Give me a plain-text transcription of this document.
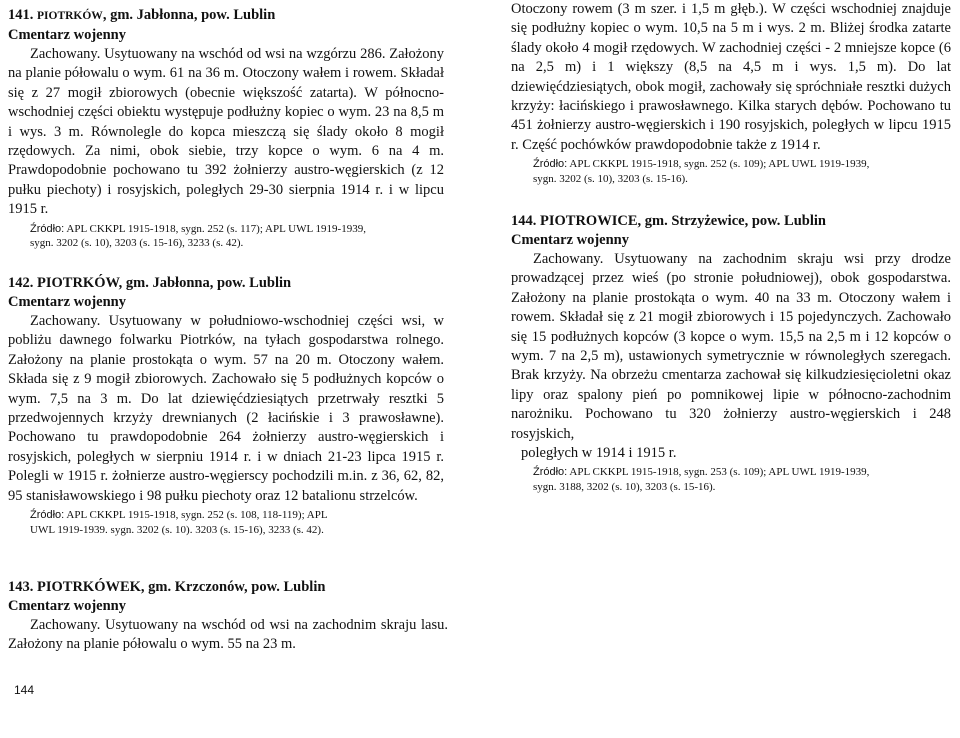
141. PIOTRKÓW, gm. Jabłonna, pow. Lublin
Cmentarz wojenny

Zachowany. Usytuowany na wschód od wsi na wzgórzu 286. Założony na planie półowalu o wym. 61 na 36 m. Otoczony wałem i rowem. Składał się z 27 mogił zbiorowych (obecnie większość zatarta). W północno-wschodniej części obiektu występuje podłużny kopiec o wym. 23 na 8,5 m i wys. 3 m. Równolegle do kopca mieszczą się ślady około 8 mogił rzędowych. Za nimi, obok siebie, trzy kopce o wym. 6 na 4 m. Prawdopodobnie pochowano tu 392 żołnierzy austro-węgierskich (z 12 pułku piechoty) i rosyjskich, poległych 29-30 sierpnia 1914 r. i w lipcu 1915 r.

Źródło: APL CKKPL 1915-1918, sygn. 252 (s. 117); APL UWL 1919-1939,
sygn. 3202 (s. 10), 3203 (s. 15-16), 3233 (s. 42).
142. PIOTRKÓW, gm. Jabłonna, pow. Lublin
Cmentarz wojenny

Zachowany. Usytuowany w południowo-wschodniej części wsi, w pobliżu dawnego folwarku Piotrków, na tyłach gospodarstwa rolnego. Założony na planie prostokąta o wym. 57 na 20 m. Otoczony wałem. Składa się z 9 mogił zbiorowych. Zachowało się 5 podłużnych kopców o wym. 7,5 na 3 m. Do lat dziewięćdziesiątych przetrwały resztki 5 przedwojennych krzyży drewnianych (2 łacińskie i 3 prawosławne). Pochowano tu prawdopodobnie 264 żołnierzy austro-węgierskich i rosyjskich, poległych w sierpniu 1914 r. i w dniach 21-23 lipca 1915 r. Polegli w 1915 r. żołnierze austro-węgierscy pochodzili m.in. z 36, 62, 82, 95 stanisławowskiego i 98 pułku piechoty oraz 12 batalionu strzelców.

Źródło: APL CKKPL 1915-1918, sygn. 252 (s. 108, 118-119); APL
UWL 1919-1939. sygn. 3202 (s. 10). 3203 (s. 15-16), 3233 (s. 42).
143. PIOTRKÓWEK, gm. Krzczonów, pow. Lublin
Cmentarz wojenny

Zachowany. Usytuowany na wschód od wsi na zachodnim skraju lasu. Założony na planie półowalu o wym. 55 na 23 m.

Otoczony rowem (3 m szer. i 1,5 m głęb.). W części wschodniej znajduje się podłużny kopiec o wym. 10,5 na 5 m i wys. 2 m. Bliżej środka zatarte ślady około 4 mogił rzędowych. W zachodniej części - 2 mniejsze kopce (6 na 2,5 m) i 1 większy (8,5 na 4,5 m i wys. 1,5 m). Do lat dziewięćdziesiątych, obok mogił, zachowały się spróchniałe resztki dużych krzyży: łacińskiego i prawosławnego. Kilka starych dębów. Pochowano tu 451 żołnierzy austro-węgierskich i 190 rosyjskich, poległych w lipcu 1915 r. Część pochówków prawdopodobnie także z 1914 r.

Źródło: APL CKKPL 1915-1918, sygn. 252 (s. 109); APL UWL 1919-1939,
sygn. 3202 (s. 10), 3203 (s. 15-16).
144. PIOTROWICE, gm. Strzyżewice, pow. Lublin
Cmentarz wojenny

Zachowany. Usytuowany na zachodnim skraju wsi przy drodze prowadzącej przez wieś (po stronie południowej), obok gospodarstwa. Założony na planie prostokąta o wym. 40 na 33 m. Otoczony wałem i rowem. Składał się z 21 mogił zbiorowych i 15 pojedynczych. Zachowało się 15 podłużnych kopców (3 kopce o wym. 15,5 na 2,5 m i 12 kopców o wym. 7 na 2,5 m), ustawionych symetrycznie w równoległych szeregach. Brak krzyży. Na obrzeżu cmentarza zachował się kilkudziesięcioletni okaz lipy oraz spalony pień po pomnikowej lipie w północno-zachodnim narożniku. Pochowano tu 320 żołnierzy austro-węgierskich i 248 rosyjskich,

poległych w 1914 i 1915 r.

Źródło: APL CKKPL 1915-1918, sygn. 253 (s. 109); APL UWL 1919-1939,
sygn. 3188, 3202 (s. 10), 3203 (s. 15-16).
144
